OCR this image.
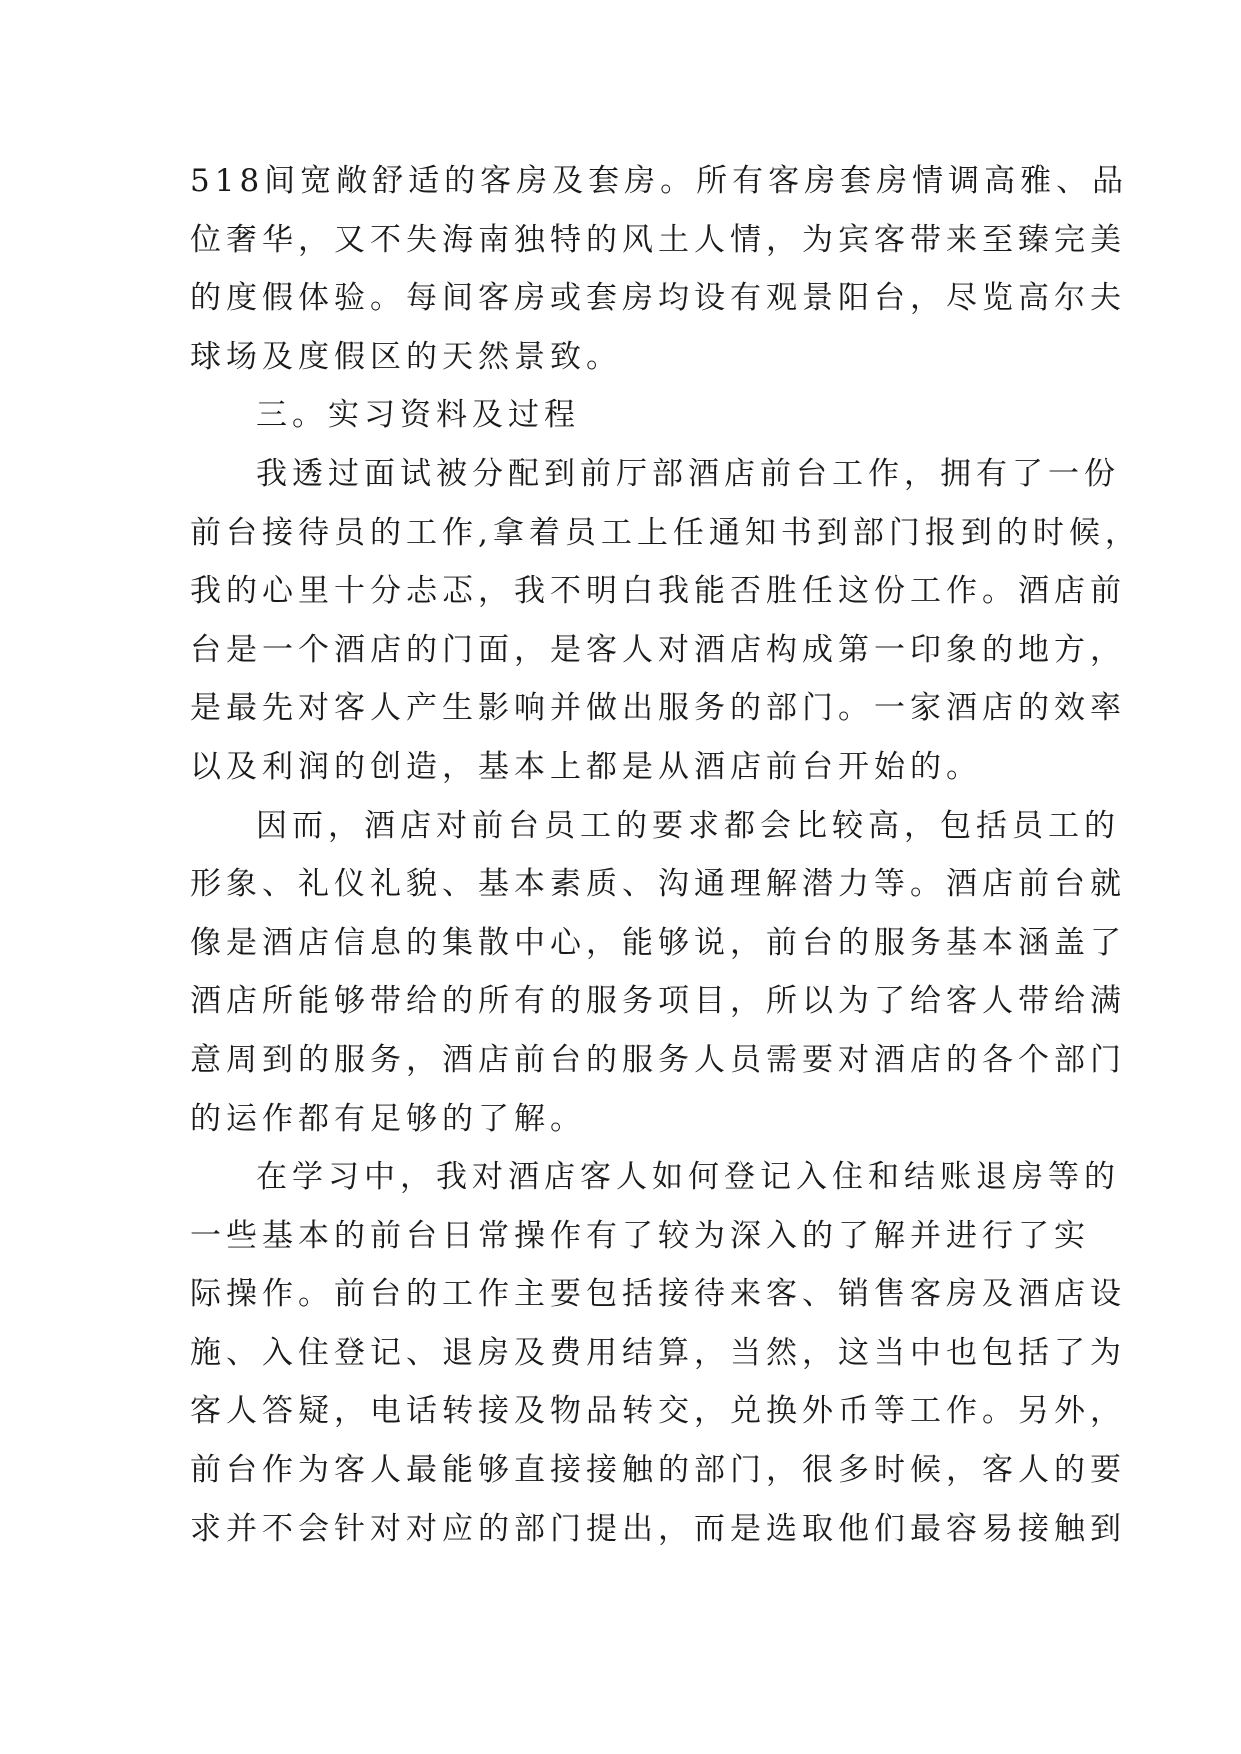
518间宽敞舒适的客房及套房。所有客房套房情调高雅、品
位奢华，又不失海南独特的风土人情，为宾客带来至臻完美
的度假体验。每间客房或套房均设有观景阳台，尽览高尔夫
球场及度假区的天然景致。
三。实习资料及过程
我透过面试被分配到前厅部酒店前台工作，拥有了一份
前台接待员的工作,拿着员工上任通知书到部门报到的时候，
我的心里十分忐忑，我不明白我能否胜任这份工作。酒店前
台是一个酒店的门面，是客人对酒店构成第一印象的地方，
是最先对客人产生影响并做出服务的部门。一家酒店的效率
以及利润的创造，基本上都是从酒店前台开始的。
因而，酒店对前台员工的要求都会比较高，包括员工的
形象、礼仪礼貌、基本素质、沟通理解潜力等。酒店前台就
像是酒店信息的集散中心，能够说，前台的服务基本涵盖了
酒店所能够带给的所有的服务项目，所以为了给客人带给满
意周到的服务，酒店前台的服务人员需要对酒店的各个部门
的运作都有足够的了解。
在学习中，我对酒店客人如何登记入住和结账退房等的
一些基本的前台日常操作有了较为深入的了解并进行了实
际操作。前台的工作主要包括接待来客、销售客房及酒店设
施、入住登记、退房及费用结算，当然，这当中也包括了为
客人答疑，电话转接及物品转交，兑换外币等工作。另外，
前台作为客人最能够直接接触的部门，很多时候，客人的要
求并不会针对对应的部门提出，而是选取他们最容易接触到
